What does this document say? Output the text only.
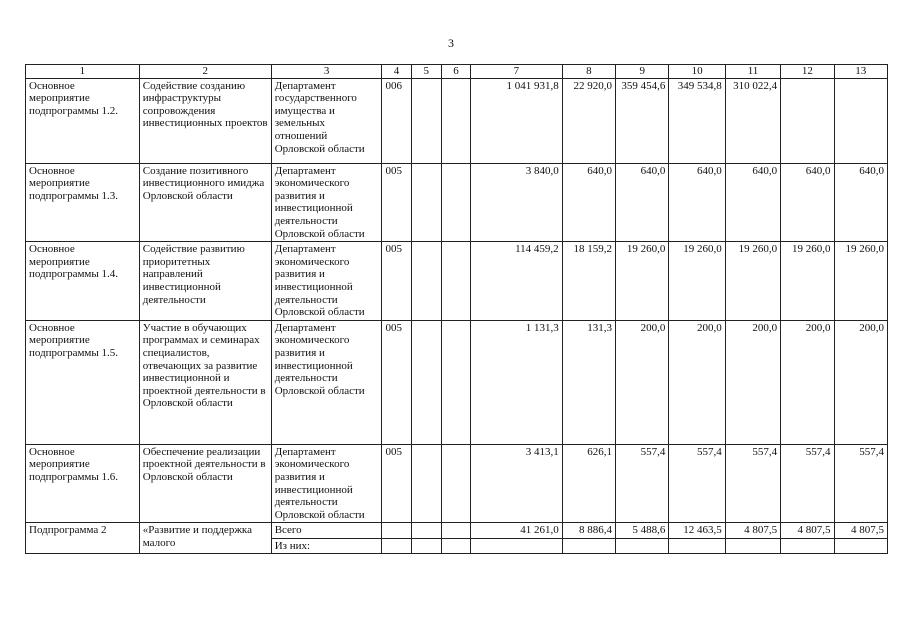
3
1	2	3	4	5	6	7	8	9	10	11	12	13
Основное мероприятие подпрограммы 1.2.	Содействие созданию инфраструктуры сопровождения инвестиционных проектов	Департамент государственного имущества и земельных отношений Орловской области	006			1 041 931,8	22 920,0	359 454,6	349 534,8	310 022,4		
Основное мероприятие подпрограммы 1.3.	Создание позитивного инвестиционного имиджа Орловской области	Департамент экономического развития и инвестиционной деятельности Орловской области	005			3 840,0	640,0	640,0	640,0	640,0	640,0	640,0
Основное мероприятие подпрограммы 1.4.	Содействие развитию приоритетных направлений инвестиционной деятельности	Департамент экономического развития и инвестиционной деятельности Орловской области	005			114 459,2	18 159,2	19 260,0	19 260,0	19 260,0	19 260,0	19 260,0
Основное мероприятие подпрограммы 1.5.	Участие в обучающих программах и семинарах специалистов, отвечающих за развитие инвестиционной и проектной деятельности в Орловской области	Департамент экономического развития и инвестиционной деятельности Орловской области	005			1 131,3	131,3	200,0	200,0	200,0	200,0	200,0
Основное мероприятие подпрограммы 1.6.	Обеспечение реализации проектной деятельности в Орловской области	Департамент экономического развития и инвестиционной деятельности Орловской области	005			3 413,1	626,1	557,4	557,4	557,4	557,4	557,4
Подпрограмма 2	«Развитие и поддержка малого	Всего				41 261,0	8 886,4	5 488,6	12 463,5	4 807,5	4 807,5	4 807,5
		Из них:										
